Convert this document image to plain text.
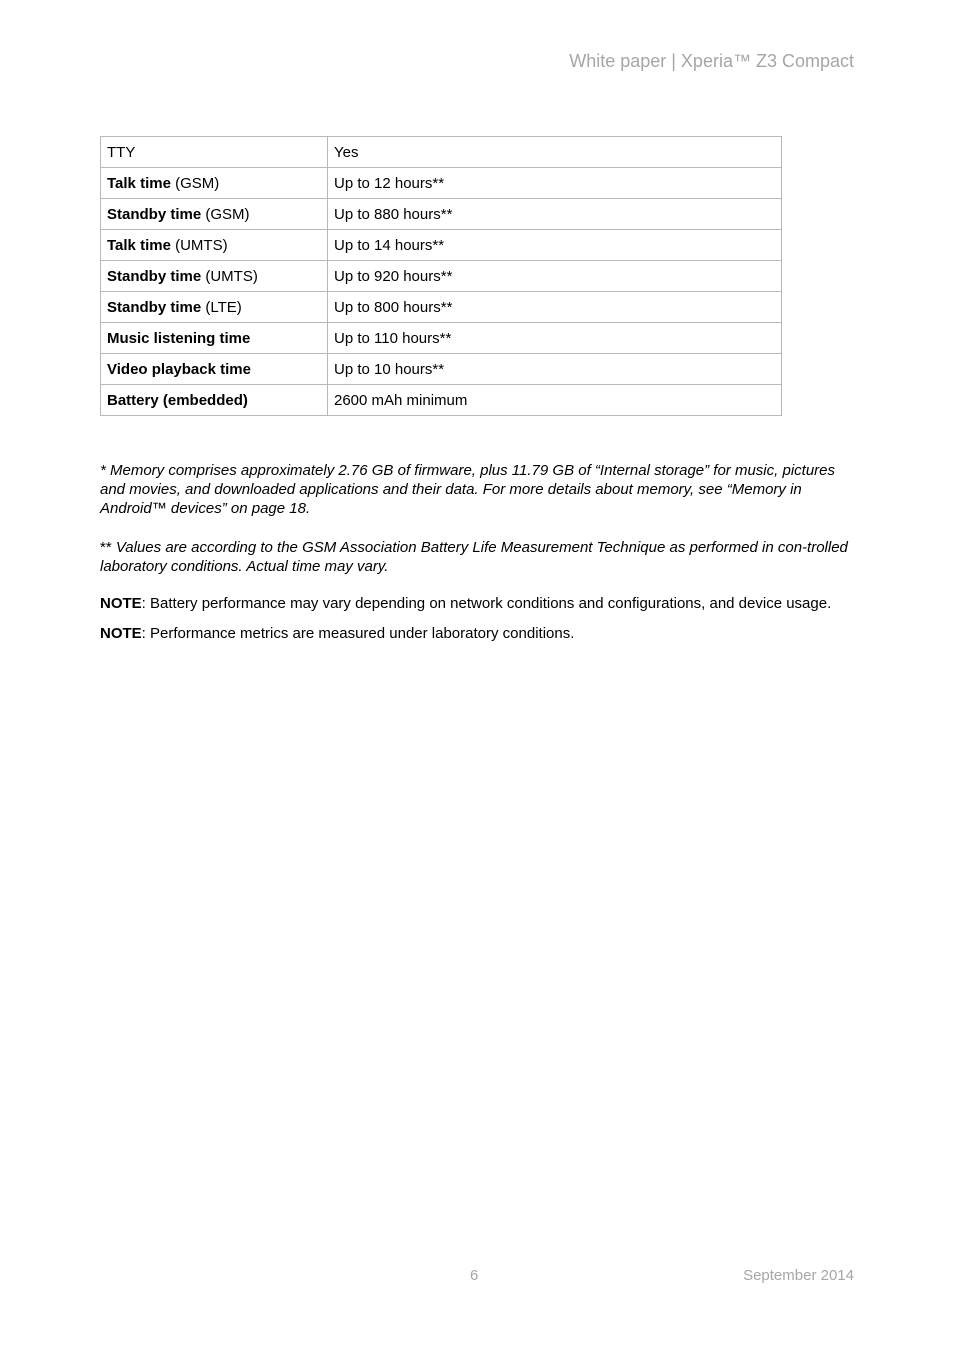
White paper | Xperia™ Z3 Compact
TTY	Yes
Talk time (GSM)	Up to 12 hours**
Standby time (GSM)	Up to 880 hours**
Talk time (UMTS)	Up to 14 hours**
Standby time (UMTS)	Up to 920 hours**
Standby time (LTE)	Up to 800 hours**
Music listening time	Up to 110 hours**
Video playback time	Up to 10 hours**
Battery (embedded)	2600 mAh minimum

* Memory comprises approximately 2.76 GB of firmware, plus 11.79 GB of “Internal storage” for music, pictures and movies, and downloaded applications and their data. For more details about memory, see “Memory in Android™ devices” on page 18.

** Values are according to the GSM Association Battery Life Measurement Technique as performed in con-trolled laboratory conditions. Actual time may vary.

NOTE: Battery performance may vary depending on network conditions and configurations, and device usage.

NOTE: Performance metrics are measured under laboratory conditions.

6	September 2014
